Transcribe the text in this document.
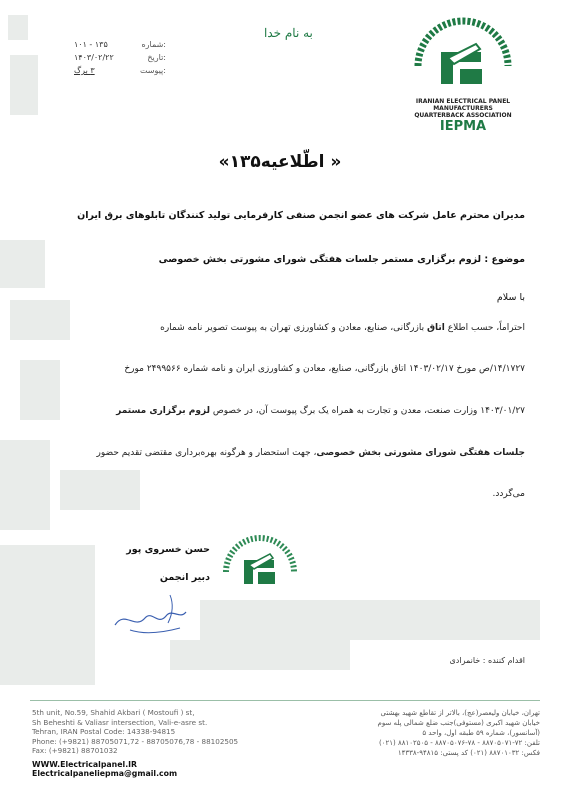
۱۳۵ - ۱۰۱	شماره:
۱۴۰۳/۰۲/۲۲	تاریخ:
۳ برگ	پیوست:
به نام خدا
IRANIAN ELECTRICAL PANEL
MANUFACTURERS
QUARTERBACK ASSOCIATION
IEPMA
« اطّلاعیه۱۳۵»
مدیران محترم عامل شرکت های عضو انجمن صنفی کارفرمایی تولید کنندگان تابلوهای برق ایران
موضوع : لزوم برگزاری مستمر جلسات هفتگی شورای مشورتی بخش خصوصی
با سلام
احتراماً، حسب اطلاع اتاق بازرگانی، صنایع، معادن و کشاورزی تهران به پیوست تصویر نامه شماره
۱۴/۱۷۲۷/ص مورخ ۱۴۰۳/۰۲/۱۷ اتاق بازرگانی، صنایع، معادن و کشاورزی ایران و نامه شماره ۲۴۹۹۵۶۶ مورخ
۱۴۰۳/۰۱/۲۷ وزارت صنعت، معدن و تجارت به همراه یک برگ پیوست آن، در خصوص لزوم برگزاری مستمر
جلسات هفتگی شورای مشورتی بخش خصوصی، جهت استحضار و هرگونه بهره‌برداری مقتضی تقدیم حضور
می‌گردد.
حسن خسروی پور
دبیر انجمن
اقدام کننده : خانمرادی
5th unit, No.59, Shahid Akbari ( Mostoufi ) st,
Sh Beheshti & Valiasr intersection, Vali-e-asre st.
Tehran, IRAN Postal Code: 14338-94815
Phone: (+9821) 88705071,72 - 88705076,78 - 88102505
Fax: (+9821) 88701032
WWW.Electricalpanel.IR
Electricalpaneliepma@gmail.com
تهران، خیابان ولیعصر(عج)، بالاتر از تقاطع شهید بهشتی
خیابان شهید اکبری (مستوفی)جنب ضلع شمالی پله سوم
(آسانسور)، شماره ۵۹ طبقه اول، واحد ۵
تلفن: ۷۲-۸۸۷۰۵۰۷۱ - ۷۸-۸۸۷۰۵۰۷۶ - ۸۸۱۰۲۵۰۵ (۰۲۱)
فکس: ۸۸۷۰۱۰۳۲ (۰۲۱) کد پستی: ۹۴۸۱۵-۱۴۳۳۸
